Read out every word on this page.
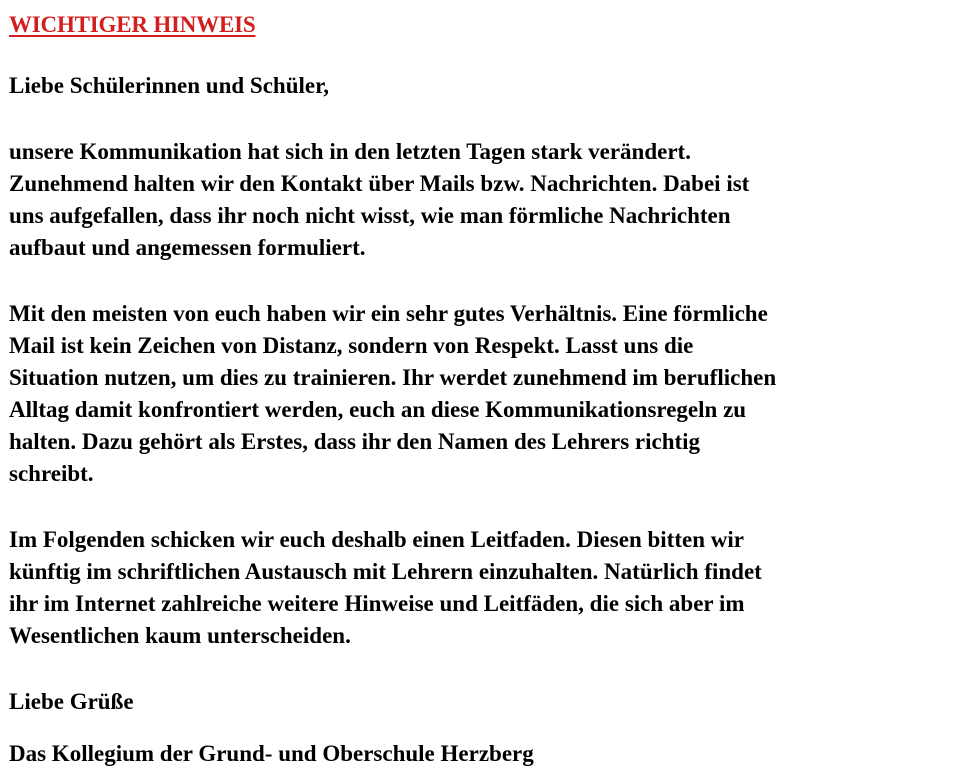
WICHTIGER HINWEIS
Liebe Schülerinnen und Schüler,
unsere Kommunikation hat sich in den letzten Tagen stark verändert.
Zunehmend halten wir den Kontakt über Mails bzw. Nachrichten. Dabei ist
uns aufgefallen, dass ihr noch nicht wisst, wie man förmliche Nachrichten
aufbaut und angemessen formuliert.
Mit den meisten von euch haben wir ein sehr gutes Verhältnis. Eine förmliche
Mail ist kein Zeichen von Distanz, sondern von Respekt. Lasst uns die
Situation nutzen, um dies zu trainieren. Ihr werdet zunehmend im beruflichen
Alltag damit konfrontiert werden, euch an diese Kommunikationsregeln zu
halten. Dazu gehört als Erstes, dass ihr den Namen des Lehrers richtig
schreibt.
Im Folgenden schicken wir euch deshalb einen Leitfaden. Diesen bitten wir
künftig im schriftlichen Austausch mit Lehrern einzuhalten. Natürlich findet
ihr im Internet zahlreiche weitere Hinweise und Leitfäden, die sich aber im
Wesentlichen kaum unterscheiden.
Liebe Grüße
Das Kollegium der Grund- und Oberschule Herzberg
